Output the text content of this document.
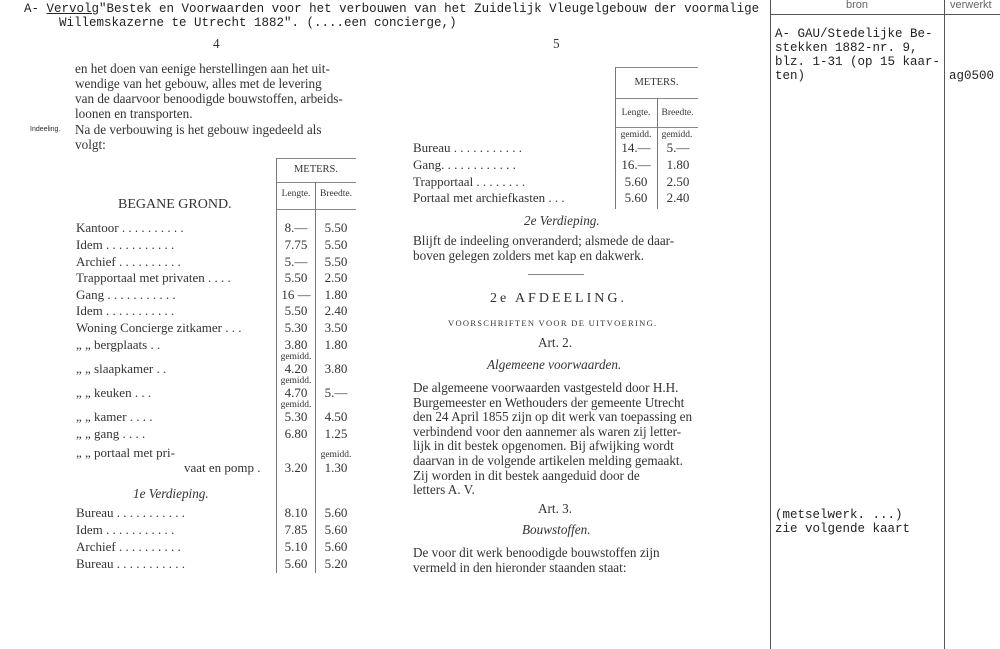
A- Vervolg"Bestek en Voorwaarden voor het verbouwen van het Zuidelijk Vleugelgebouw der voormalige
Willemskazerne te Utrecht 1882". (....een concierge,)
4
en het doen van eenige herstellingen aan het uit-
wendige van het gebouw, alles met de levering
van de daarvoor benoodigde bouwstoffen, arbeids-
loonen en transporten.
Indeeling. Na de verbouwing is het gebouw ingedeeld als
volgt:
METERS.
Lengte.	Breedte.
BEGANE GROND.
Kantoor . . . . . . . . . .	8.—	5.50
Idem . . . . . . . . . . .	7.75	5.50
Archief . . . . . . . . . .	5.—	5.50
Trapportaal met privaten . . . .	5.50	2.50
Gang . . . . . . . . . . .	16 —	1.80
Idem . . . . . . . . . . .	5.50	2.40
Woning Concierge zitkamer . . .	5.30	3.50
„ „ bergplaats . .	3.80	1.80
„ „ slaapkamer . .	4.20	3.80
gemidd.
„ „ keuken . . .	4.70	5.—
gemidd.
„ „ kamer . . . .	5.30	4.50
gemidd.
„ „ gang . . . .	6.80	1.25
„ „ portaal met pri-
vaat en pomp .	3.20	1.30
gemidd.
Bureau . . . . . . . . . . .	8.10	5.60
Idem . . . . . . . . . . .	7.85	5.60
Archief . . . . . . . . . .	5.10	5.60
Bureau . . . . . . . . . . .	5.60	5.20
1e Verdieping.
5
METERS.
Lengte.	Breedte.
gemidd.	gemidd.
Bureau . . . . . . . . . . .	14.—	5.—
Gang. . . . . . . . . . . .	16.—	1.80
Trapportaal . . . . . . . .	5.60	2.50
Portaal met archiefkasten . . .	5.60	2.40
2e Verdieping.
Blijft de indeeling onveranderd; alsmede de daar-
boven gelegen zolders met kap en dakwerk.
2e AFDEELING.
VOORSCHRIFTEN VOOR DE UITVOERING.
Art. 2.
Algemeene voorwaarden.
De algemeene voorwaarden vastgesteld door H.H.
Burgemeester en Wethouders der gemeente Utrecht
den 24 April 1855 zijn op dit werk van toepassing en
verbindend voor den aannemer als waren zij letter-
lijk in dit bestek opgenomen. Bij afwijking wordt
daarvan in de volgende artikelen melding gemaakt.
Zij worden in dit bestek aangeduid door de
letters A. V.
Art. 3.
Bouwstoffen.
De voor dit werk benoodigde bouwstoffen zijn
vermeld in den hieronder staanden staat:
bron	verwerkt
A- GAU/Stedelijke Be-
stekken 1882-nr. 9,
blz. 1-31 (op 15 kaar-
ten)	ag0500
(metselwerk. ...)
zie volgende kaart
